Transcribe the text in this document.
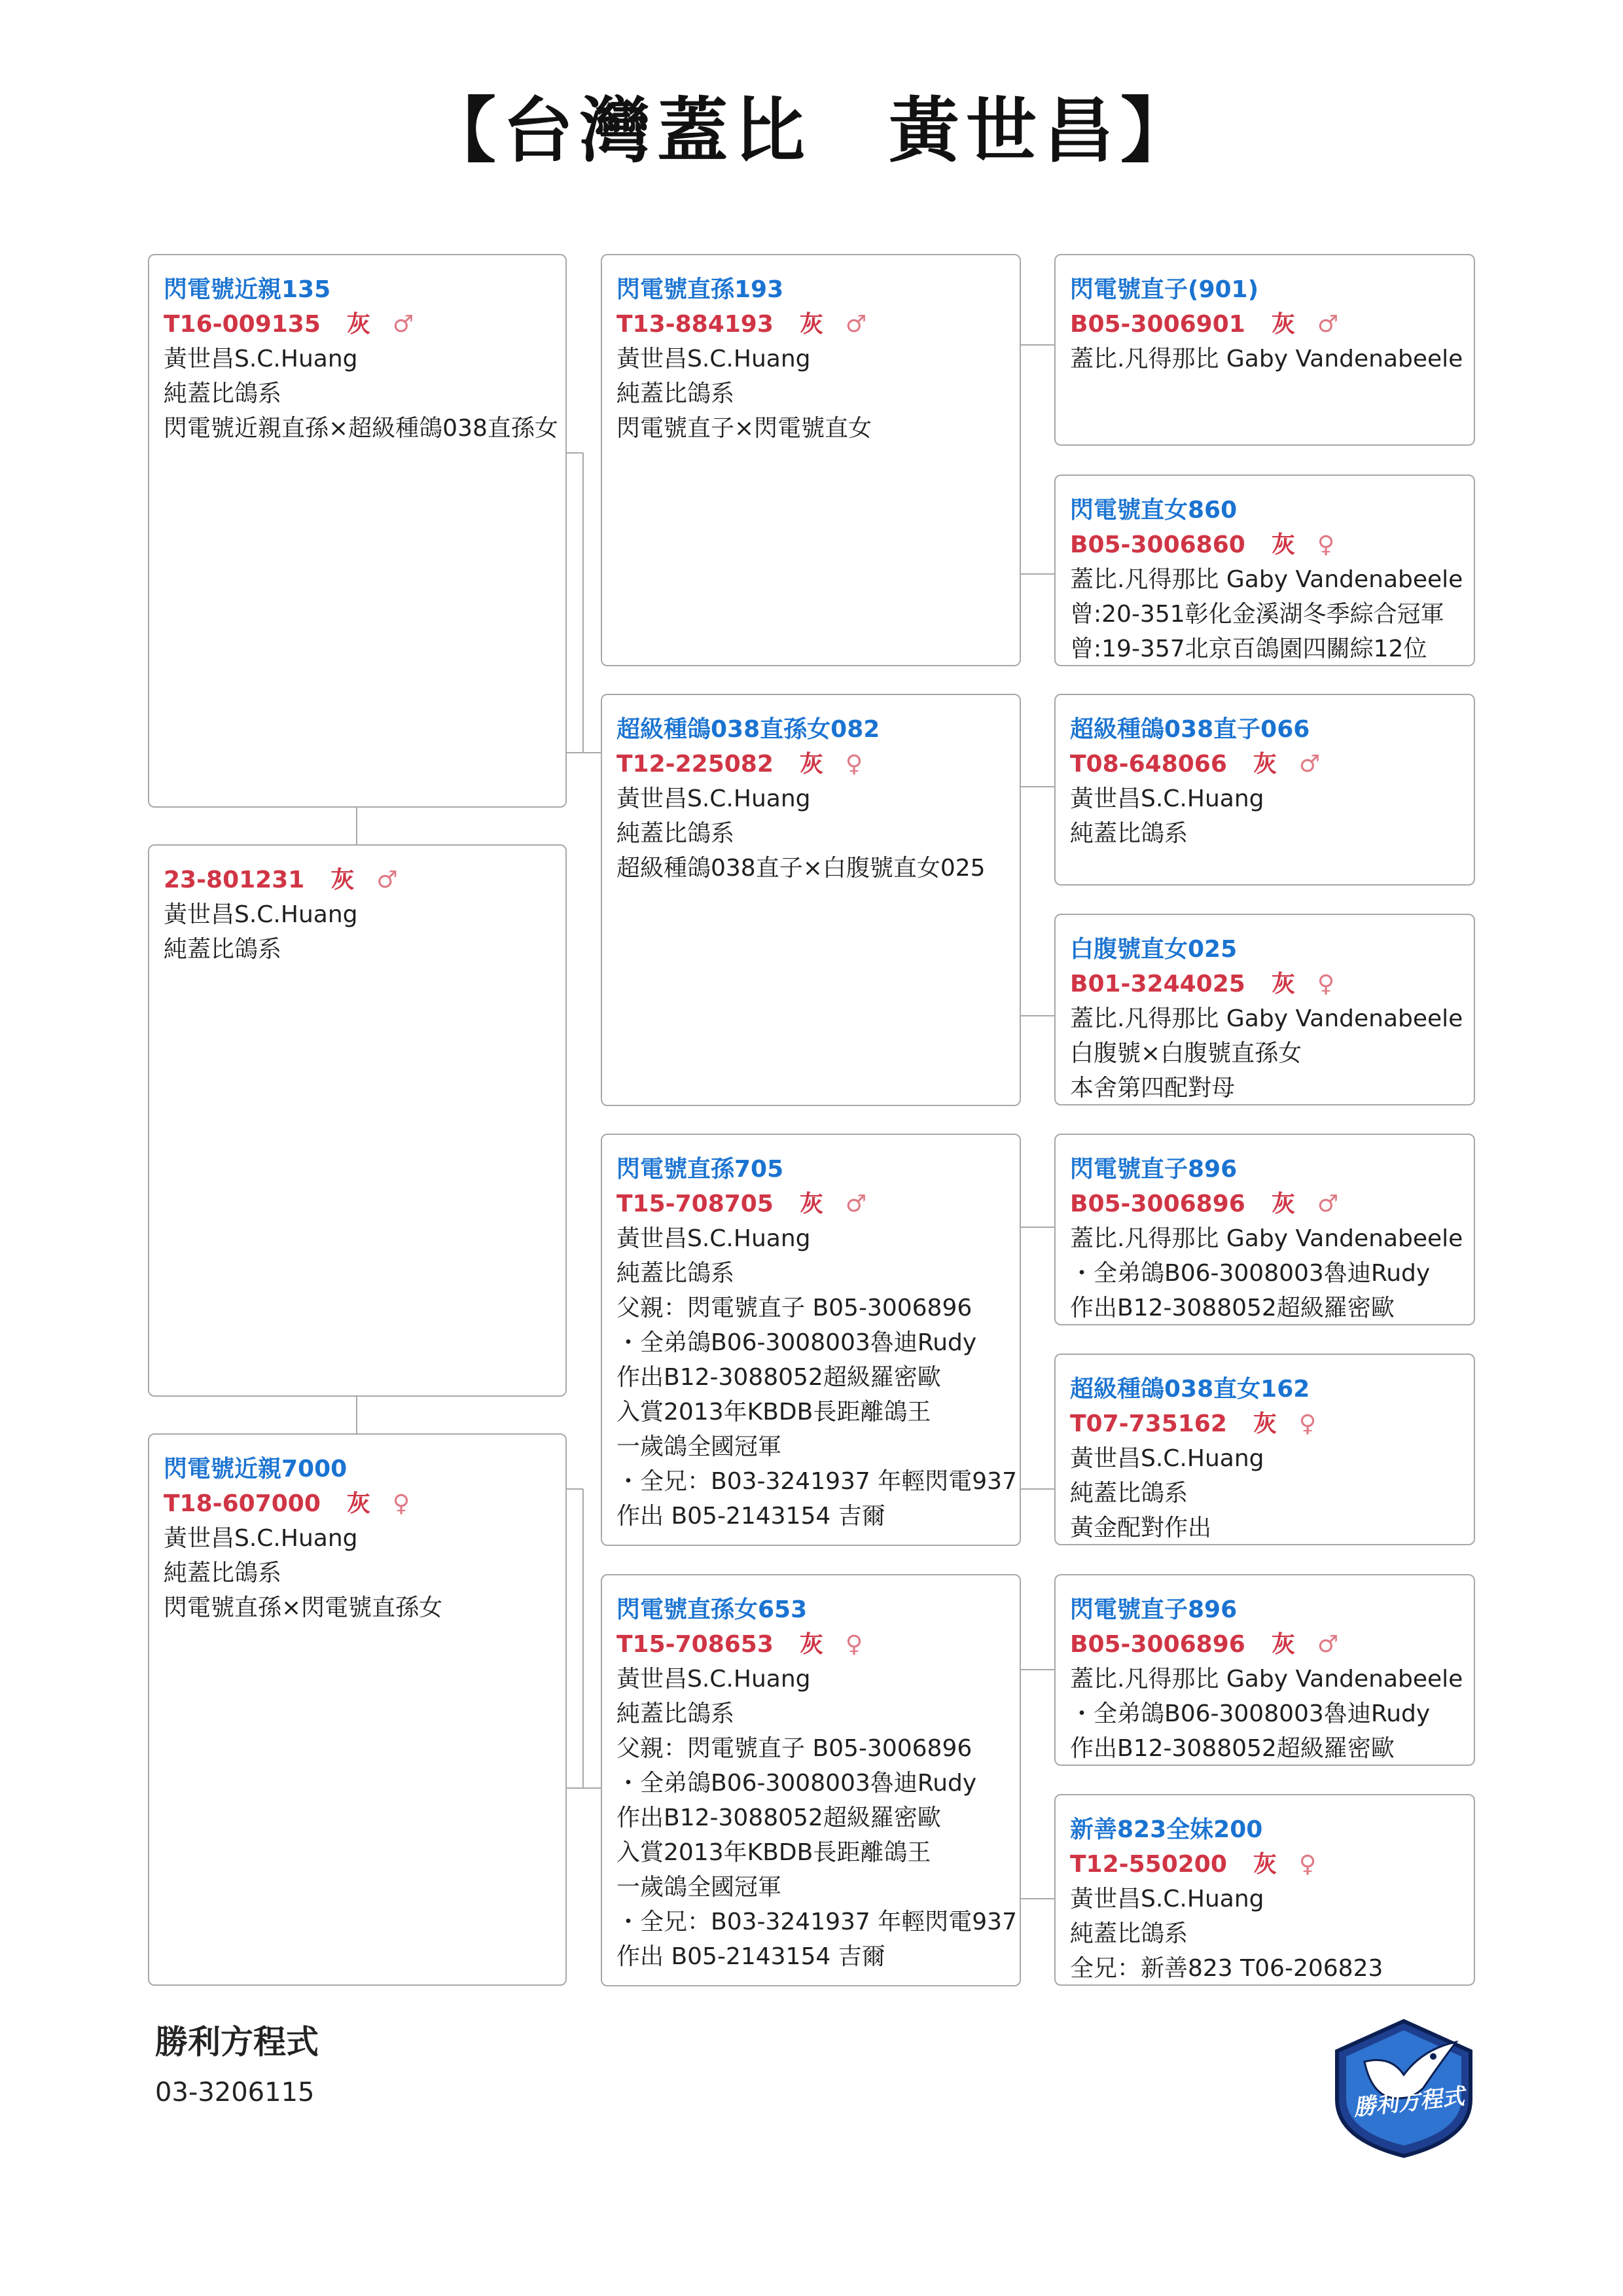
【台灣蓋比　黃世昌】
閃電號近親135
T16-009135 灰 ♂
黃世昌S.C.Huang
純蓋比鴿系
閃電號近親直孫×超級種鴿038直孫女
23-801231 灰 ♂
黃世昌S.C.Huang
純蓋比鴿系
閃電號近親7000
T18-607000 灰 ♀
黃世昌S.C.Huang
純蓋比鴿系
閃電號直孫×閃電號直孫女
閃電號直孫193
T13-884193 灰 ♂
黃世昌S.C.Huang
純蓋比鴿系
閃電號直子×閃電號直女
超級種鴿038直孫女082
T12-225082 灰 ♀
黃世昌S.C.Huang
純蓋比鴿系
超級種鴿038直子×白腹號直女025
閃電號直孫705
T15-708705 灰 ♂
黃世昌S.C.Huang
純蓋比鴿系
父親：閃電號直子 B05-3006896
・全弟鴿B06-3008003魯迪Rudy
作出B12-3088052超級羅密歐
入賞2013年KBDB長距離鴿王
一歲鴿全國冠軍
・全兄：B03-3241937 年輕閃電937
作出 B05-2143154 吉爾
閃電號直孫女653
T15-708653 灰 ♀
黃世昌S.C.Huang
純蓋比鴿系
父親：閃電號直子 B05-3006896
・全弟鴿B06-3008003魯迪Rudy
作出B12-3088052超級羅密歐
入賞2013年KBDB長距離鴿王
一歲鴿全國冠軍
・全兄：B03-3241937 年輕閃電937
作出 B05-2143154 吉爾
閃電號直子(901)
B05-3006901 灰 ♂
蓋比.凡得那比 Gaby Vandenabeele
閃電號直女860
B05-3006860 灰 ♀
蓋比.凡得那比 Gaby Vandenabeele
曾:20-351彰化金溪湖冬季綜合冠軍
曾:19-357北京百鴿園四關綜12位
超級種鴿038直子066
T08-648066 灰 ♂
黃世昌S.C.Huang
純蓋比鴿系
白腹號直女025
B01-3244025 灰 ♀
蓋比.凡得那比 Gaby Vandenabeele
白腹號×白腹號直孫女
本舍第四配對母
閃電號直子896
B05-3006896 灰 ♂
蓋比.凡得那比 Gaby Vandenabeele
・全弟鴿B06-3008003魯迪Rudy
作出B12-3088052超級羅密歐
超級種鴿038直女162
T07-735162 灰 ♀
黃世昌S.C.Huang
純蓋比鴿系
黃金配對作出
閃電號直子896
B05-3006896 灰 ♂
蓋比.凡得那比 Gaby Vandenabeele
・全弟鴿B06-3008003魯迪Rudy
作出B12-3088052超級羅密歐
新善823全妹200
T12-550200 灰 ♀
黃世昌S.C.Huang
純蓋比鴿系
全兄：新善823 T06-206823
勝利方程式
03-3206115	勝利方程式
